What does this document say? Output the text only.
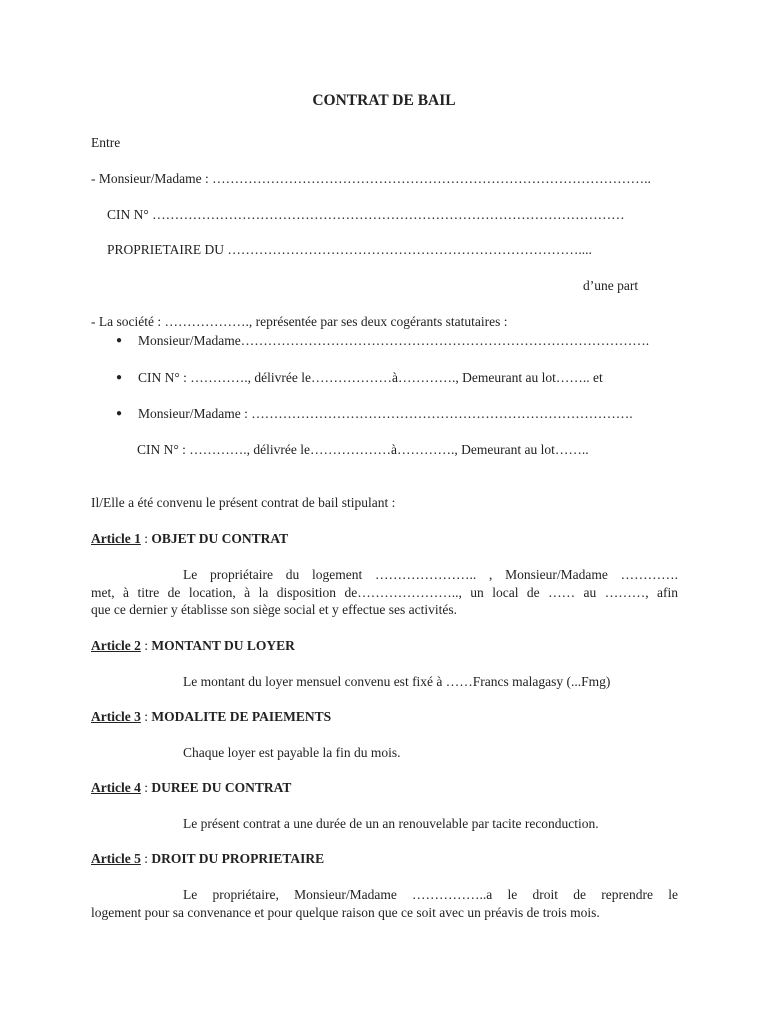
CONTRAT DE BAIL
Entre
- Monsieur/Madame : ……………………………………………………………………………………..
CIN N° ……………………………………………………………………………………………
PROPRIETAIRE DU ……………………………………………………………………....
d’une part
- La société : ………………., représentée par ses deux cogérants statutaires :
● Monsieur/Madame……………………………………………………………………………….
● CIN N° : …………., délivrée le………………à…………., Demeurant au lot…….. et
● Monsieur/Madame : ………………………………………………………………………….
CIN N° : …………., délivrée le………………à…………., Demeurant au lot……..
Il/Elle a été convenu le présent contrat de bail stipulant :
Article 1 : OBJET DU CONTRAT
Le propriétaire du logement ………………….. , Monsieur/Madame ………….
met, à titre de location, à la disposition de………………….., un local de …… au ………, afin
que ce dernier y établisse son siège social et y effectue ses activités.
Article 2 : MONTANT DU LOYER
Le montant du loyer mensuel convenu est fixé à ……Francs malagasy (...Fmg)
Article 3 : MODALITE DE PAIEMENTS
Chaque loyer est payable la fin du mois.
Article 4 : DUREE DU CONTRAT
Le présent contrat a une durée de un an renouvelable par tacite reconduction.
Article 5 : DROIT DU PROPRIETAIRE
Le propriétaire, Monsieur/Madame ……………..a le droit de reprendre le
logement pour sa convenance et pour quelque raison que ce soit avec un préavis de trois mois.
